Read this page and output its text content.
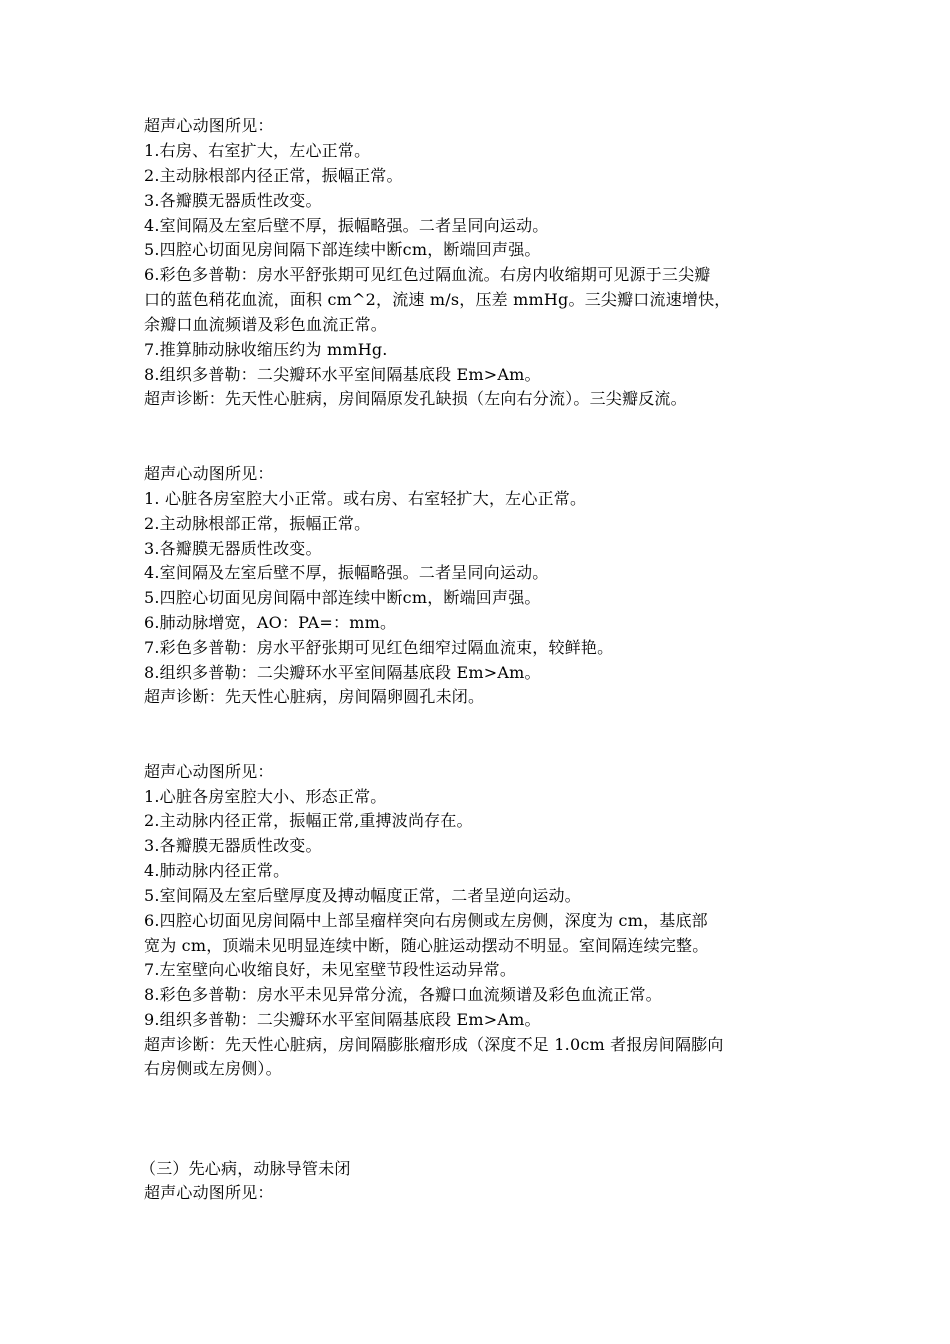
超声心动图所见：
1.右房、右室扩大，左心正常。
2.主动脉根部内径正常，振幅正常。
3.各瓣膜无器质性改变。
4.室间隔及左室后壁不厚，振幅略强。二者呈同向运动。
5.四腔心切面见房间隔下部连续中断cm，断端回声强。
6.彩色多普勒：房水平舒张期可见红色过隔血流。右房内收缩期可见源于三尖瓣
口的蓝色稍花血流，面积 cm^2，流速 m/s，压差 mmHg。三尖瓣口流速增快，
余瓣口血流频谱及彩色血流正常。
7.推算肺动脉收缩压约为 mmHg.
8.组织多普勒：二尖瓣环水平室间隔基底段 Em>Am。
超声诊断：先天性心脏病，房间隔原发孔缺损（左向右分流）。三尖瓣反流。
超声心动图所见：
1. 心脏各房室腔大小正常。或右房、右室轻扩大，左心正常。
2.主动脉根部正常，振幅正常。
3.各瓣膜无器质性改变。
4.室间隔及左室后壁不厚，振幅略强。二者呈同向运动。
5.四腔心切面见房间隔中部连续中断cm，断端回声强。
6.肺动脉增宽，AO：PA=：mm。
7.彩色多普勒：房水平舒张期可见红色细窄过隔血流束，较鲜艳。
8.组织多普勒：二尖瓣环水平室间隔基底段 Em>Am。
超声诊断：先天性心脏病，房间隔卵圆孔未闭。
超声心动图所见：
1.心脏各房室腔大小、形态正常。
2.主动脉内径正常，振幅正常,重搏波尚存在。
3.各瓣膜无器质性改变。
4.肺动脉内径正常。
5.室间隔及左室后壁厚度及搏动幅度正常，二者呈逆向运动。
6.四腔心切面见房间隔中上部呈瘤样突向右房侧或左房侧，深度为 cm，基底部
宽为 cm，顶端未见明显连续中断，随心脏运动摆动不明显。室间隔连续完整。
7.左室壁向心收缩良好，未见室壁节段性运动异常。
8.彩色多普勒：房水平未见异常分流，各瓣口血流频谱及彩色血流正常。
9.组织多普勒：二尖瓣环水平室间隔基底段 Em>Am。
超声诊断：先天性心脏病，房间隔膨胀瘤形成（深度不足 1.0cm 者报房间隔膨向
右房侧或左房侧）。
（三）先心病，动脉导管未闭
超声心动图所见：
